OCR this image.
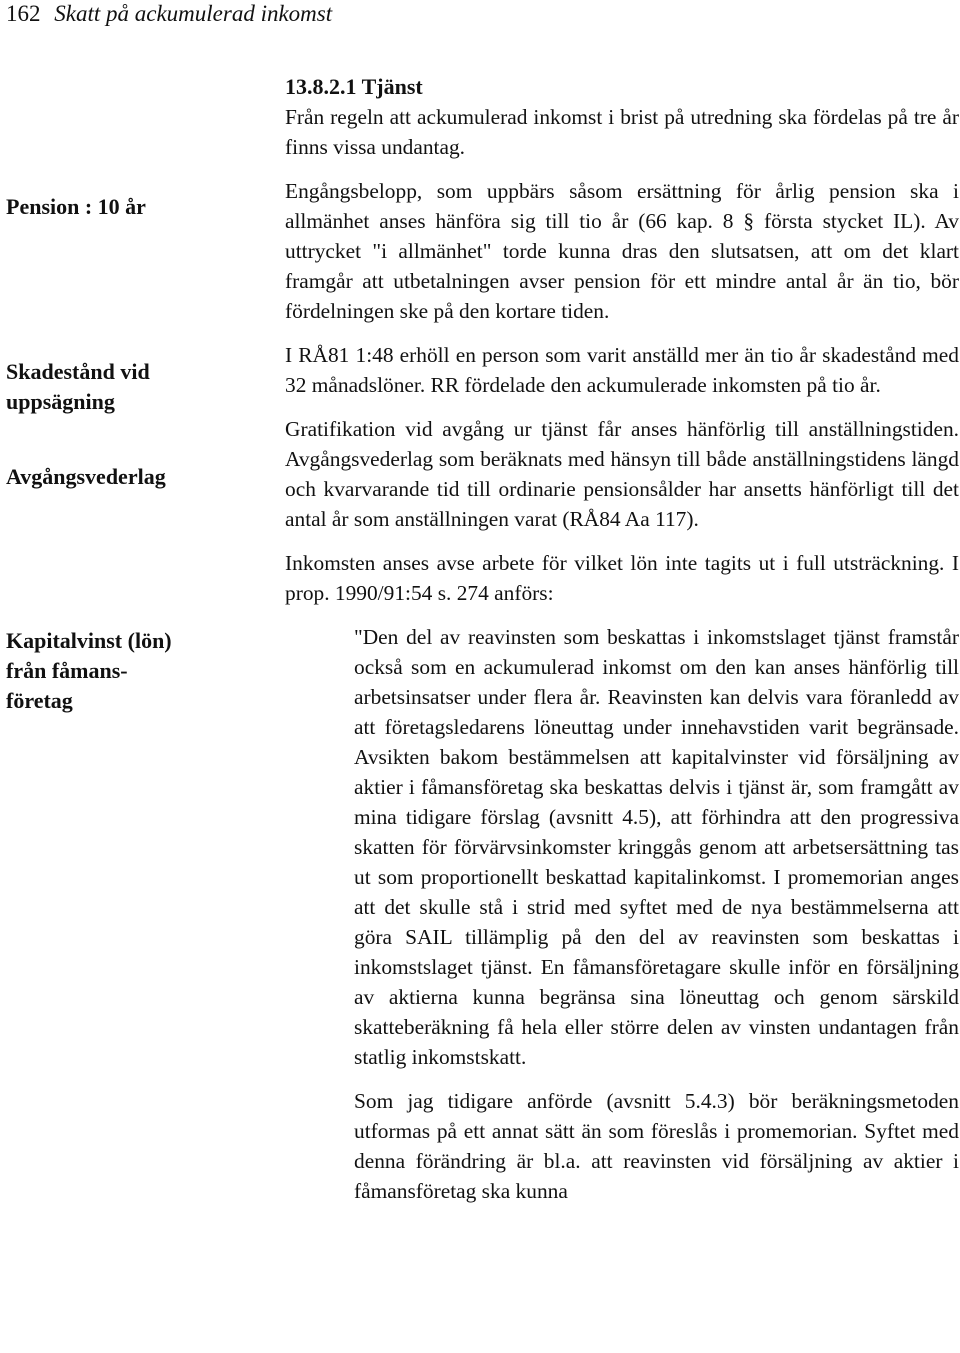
162 Skatt på ackumulerad inkomst
Pension : 10 år
Skadestånd vid
uppsägning
Avgångsvederlag
Kapitalvinst (lön)
från fåmans-
företag
13.8.2.1 Tjänst

Från regeln att ackumulerad inkomst i brist på utredning ska fördelas på tre år finns vissa undantag.

Engångsbelopp, som uppbärs såsom ersättning för årlig pension ska i allmänhet anses hänföra sig till tio år (66 kap. 8 § första stycket IL). Av uttrycket "i allmänhet" torde kunna dras den slutsatsen, att om det klart framgår att utbetalningen avser pension för ett mindre antal år än tio, bör fördelningen ske på den kortare tiden.

I RÅ81 1:48 erhöll en person som varit anställd mer än tio år skadestånd med 32 månadslöner. RR fördelade den ackumulerade inkomsten på tio år.

Gratifikation vid avgång ur tjänst får anses hänförlig till anställningstiden. Avgångsvederlag som beräknats med hänsyn till både anställningstidens längd och kvarvarande tid till ordinarie pensionsålder har ansetts hänförligt till det antal år som anställningen varat (RÅ84 Aa 117).

Inkomsten anses avse arbete för vilket lön inte tagits ut i full utsträckning. I prop. 1990/91:54 s. 274 anförs:

"Den del av reavinsten som beskattas i inkomstslaget tjänst framstår också som en ackumulerad inkomst om den kan anses hänförlig till arbetsinsatser under flera år. Reavinsten kan delvis vara föranledd av att företagsledarens löneuttag under innehavstiden varit begränsade. Avsikten bakom bestämmelsen att kapitalvinster vid försäljning av aktier i fåmansföretag ska beskattas delvis i tjänst är, som framgått av mina tidigare förslag (avsnitt 4.5), att förhindra att den progressiva skatten för förvärvsinkomster kringgås genom att arbetsersättning tas ut som proportionellt beskattad kapitalinkomst. I promemorian anges att det skulle stå i strid med syftet med de nya bestämmelserna att göra SAIL tillämplig på den del av reavinsten som beskattas i inkomstslaget tjänst. En fåmansföretagare skulle inför en försäljning av aktierna kunna begränsa sina löneuttag och genom särskild skatteberäkning få hela eller större delen av vinsten undantagen från statlig inkomstskatt.

Som jag tidigare anförde (avsnitt 5.4.3) bör beräkningsmetoden utformas på ett annat sätt än som föreslås i promemorian. Syftet med denna förändring är bl.a. att reavinsten vid försäljning av aktier i fåmansföretag ska kunna
